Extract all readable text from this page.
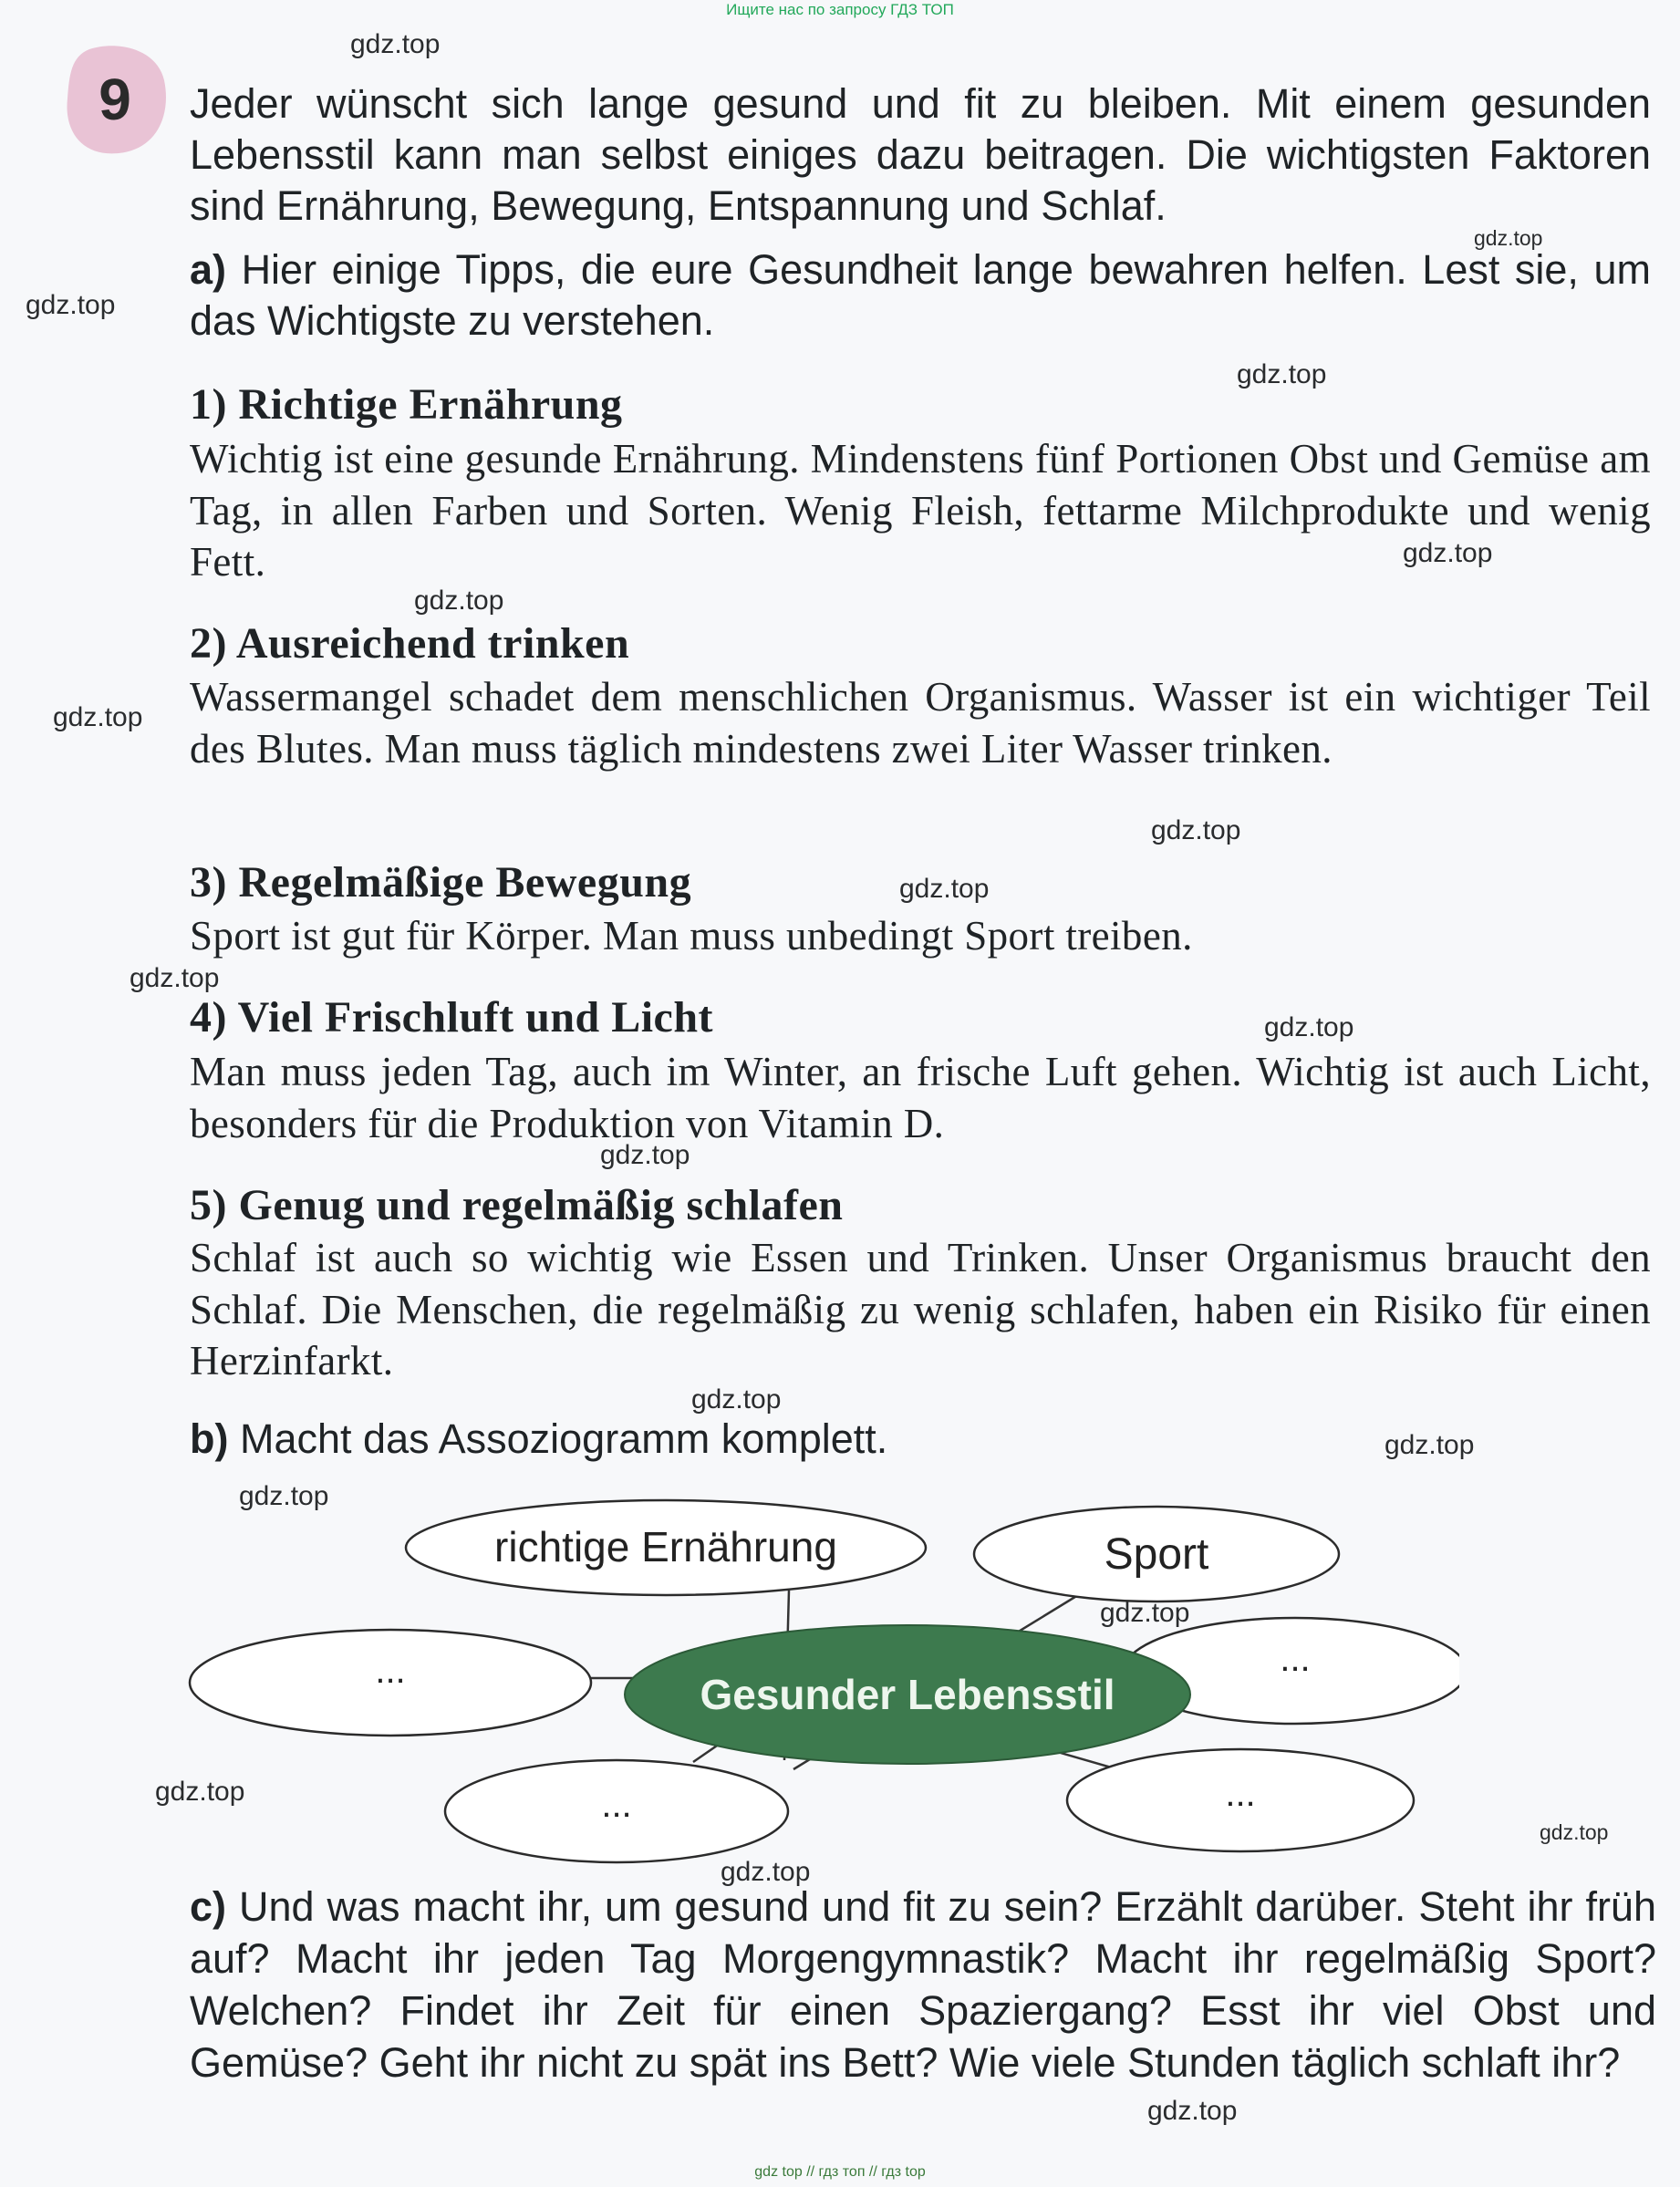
Ищите нас по запросу ГДЗ ТОП
9	Jeder wünscht sich lange gesund und fit zu bleiben. Mit einem gesunden Lebensstil kann man selbst einiges dazu beitragen. Die wichtigsten Faktoren sind Ernährung, Bewegung, Entspannung und Schlaf.

a) Hier einige Tipps, die eure Gesundheit lange bewahren helfen. Lest sie, um das Wichtigste zu verstehen.

1) Richtige Ernährung

Wichtig ist eine gesunde Ernährung. Mindenstens fünf Portionen Obst und Gemüse am Tag, in allen Farben und Sorten. Wenig Fleish, fettarme Milchprodukte und wenig Fett.

2) Ausreichend trinken

Wassermangel schadet dem menschlichen Organismus. Wasser ist ein wichtiger Teil des Blutes. Man muss täglich mindestens zwei Liter Wasser trinken.

3) Regelmäßige Bewegung

Sport ist gut für Körper. Man muss unbedingt Sport treiben.

4) Viel Frischluft und Licht

Man muss jeden Tag, auch im Winter, an frische Luft gehen. Wichtig ist auch Licht, besonders für die Produktion von Vitamin D.

5) Genug und regelmäßig schlafen

Schlaf ist auch so wichtig wie Essen und Trinken. Unser Organismus braucht den Schlaf. Die Menschen, die regelmäßig zu wenig schlafen, haben ein Risiko für einen Herzinfarkt.

b) Macht das Assoziogramm komplett.

Gesunder Lebensstil
richtige Ernährung	Sport
...	...
...	...

c) Und was macht ihr, um gesund und fit zu sein? Erzählt darüber. Steht ihr früh auf? Macht ihr jeden Tag Morgengymnastik? Macht ihr regelmäßig Sport? Welchen? Findet ihr Zeit für einen Spaziergang? Esst ihr viel Obst und Gemüse? Geht ihr nicht zu spät ins Bett? Wie viele Stunden täglich schlaft ihr?

gdz.top
gdz.top
gdz.top
gdz.top
gdz.top
gdz.top
gdz.top
gdz.top
gdz.top
gdz.top
gdz.top
gdz.top
gdz.top
gdz.top
gdz.top
gdz.top
gdz.top
gdz.top
gdz.top
gdz.top
gdz top // гдз топ // гдз top
